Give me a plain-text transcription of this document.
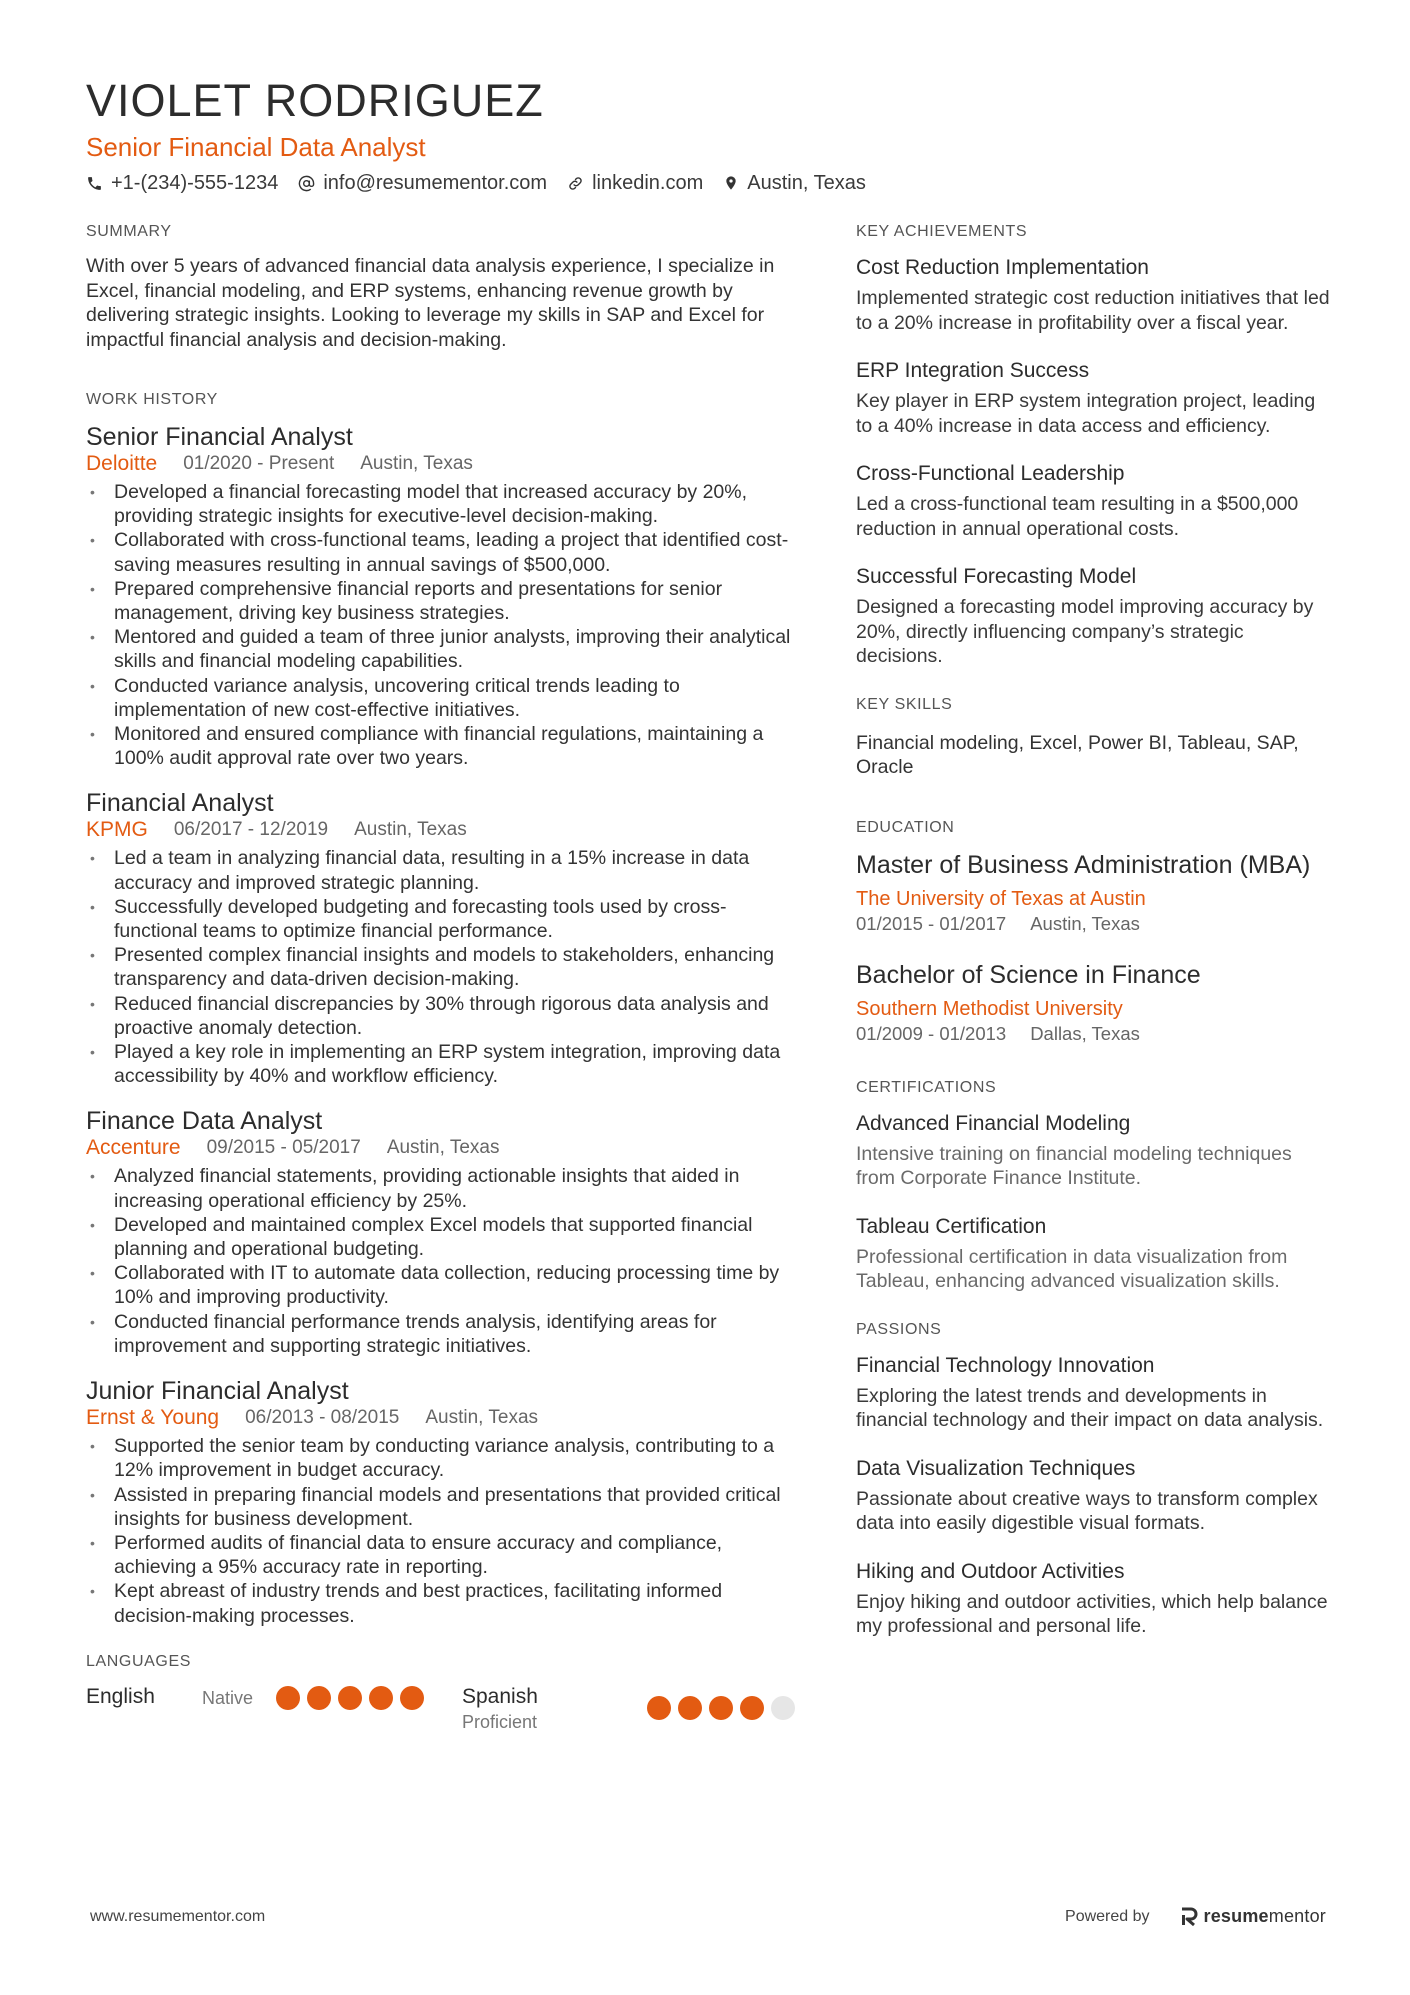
VIOLET RODRIGUEZ
Senior Financial Data Analyst
+1-(234)-555-1234 info@resumementor.com linkedin.com Austin, Texas
SUMMARY
With over 5 years of advanced financial data analysis experience, I specialize in Excel, financial modeling, and ERP systems, enhancing revenue growth by delivering strategic insights. Looking to leverage my skills in SAP and Excel for impactful financial analysis and decision-making.
WORK HISTORY
Senior Financial Analyst
Deloitte 01/2020 - Present Austin, Texas
• Developed a financial forecasting model that increased accuracy by 20%, providing strategic insights for executive-level decision-making.
• Collaborated with cross-functional teams, leading a project that identified cost-saving measures resulting in annual savings of $500,000.
• Prepared comprehensive financial reports and presentations for senior management, driving key business strategies.
• Mentored and guided a team of three junior analysts, improving their analytical skills and financial modeling capabilities.
• Conducted variance analysis, uncovering critical trends leading to implementation of new cost-effective initiatives.
• Monitored and ensured compliance with financial regulations, maintaining a 100% audit approval rate over two years.
Financial Analyst
KPMG 06/2017 - 12/2019 Austin, Texas
• Led a team in analyzing financial data, resulting in a 15% increase in data accuracy and improved strategic planning.
• Successfully developed budgeting and forecasting tools used by cross-functional teams to optimize financial performance.
• Presented complex financial insights and models to stakeholders, enhancing transparency and data-driven decision-making.
• Reduced financial discrepancies by 30% through rigorous data analysis and proactive anomaly detection.
• Played a key role in implementing an ERP system integration, improving data accessibility by 40% and workflow efficiency.
Finance Data Analyst
Accenture 09/2015 - 05/2017 Austin, Texas
• Analyzed financial statements, providing actionable insights that aided in increasing operational efficiency by 25%.
• Developed and maintained complex Excel models that supported financial planning and operational budgeting.
• Collaborated with IT to automate data collection, reducing processing time by 10% and improving productivity.
• Conducted financial performance trends analysis, identifying areas for improvement and supporting strategic initiatives.
Junior Financial Analyst
Ernst & Young 06/2013 - 08/2015 Austin, Texas
• Supported the senior team by conducting variance analysis, contributing to a 12% improvement in budget accuracy.
• Assisted in preparing financial models and presentations that provided critical insights for business development.
• Performed audits of financial data to ensure accuracy and compliance, achieving a 95% accuracy rate in reporting.
• Kept abreast of industry trends and best practices, facilitating informed decision-making processes.
LANGUAGES
English	Native	Spanish
Proficient
KEY ACHIEVEMENTS
Cost Reduction Implementation
Implemented strategic cost reduction initiatives that led to a 20% increase in profitability over a fiscal year.
ERP Integration Success
Key player in ERP system integration project, leading to a 40% increase in data access and efficiency.
Cross-Functional Leadership
Led a cross-functional team resulting in a $500,000 reduction in annual operational costs.
Successful Forecasting Model
Designed a forecasting model improving accuracy by 20%, directly influencing company’s strategic decisions.
KEY SKILLS
Financial modeling, Excel, Power BI, Tableau, SAP, Oracle
EDUCATION
Master of Business Administration (MBA)
The University of Texas at Austin
01/2015 - 01/2017 Austin, Texas
Bachelor of Science in Finance
Southern Methodist University
01/2009 - 01/2013 Dallas, Texas
CERTIFICATIONS
Advanced Financial Modeling
Intensive training on financial modeling techniques from Corporate Finance Institute.
Tableau Certification
Professional certification in data visualization from Tableau, enhancing advanced visualization skills.
PASSIONS
Financial Technology Innovation
Exploring the latest trends and developments in financial technology and their impact on data analysis.
Data Visualization Techniques
Passionate about creative ways to transform complex data into easily digestible visual formats.
Hiking and Outdoor Activities
Enjoy hiking and outdoor activities, which help balance my professional and personal life.
www.resumementor.com	Powered by	resume mentor
